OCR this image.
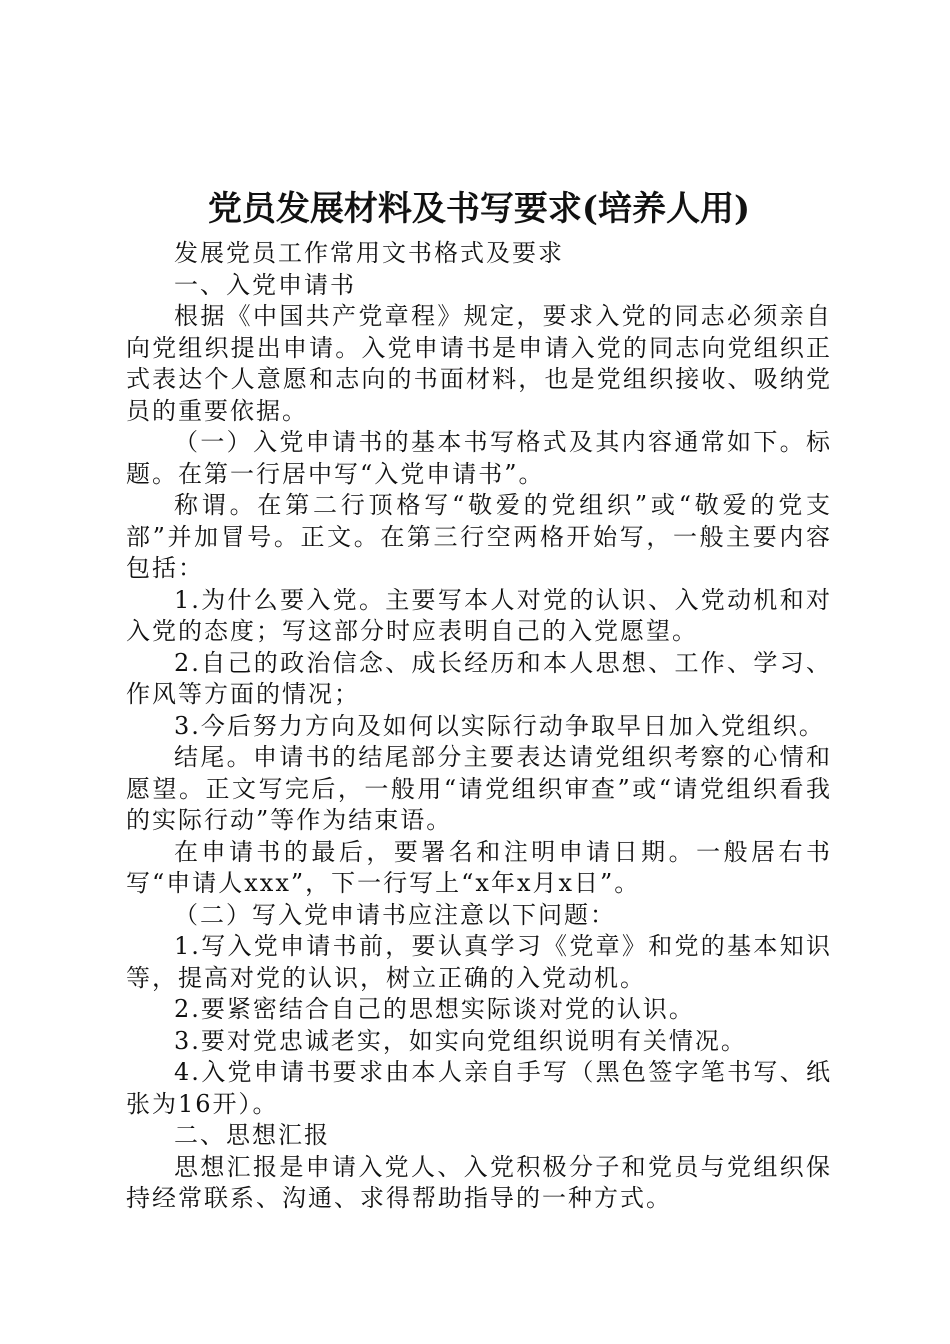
党员发展材料及书写要求(培养人用)

发展党员工作常用文书格式及要求

一、入党申请书

根据《中国共产党章程》规定，要求入党的同志必须亲自向党组织提出申请。入党申请书是申请入党的同志向党组织正式表达个人意愿和志向的书面材料，也是党组织接收、吸纳党员的重要依据。

（一）入党申请书的基本书写格式及其内容通常如下。标题。在第一行居中写“入党申请书”。

称谓。在第二行顶格写“敬爱的党组织”或“敬爱的党支部”并加冒号。正文。在第三行空两格开始写，一般主要内容包括：

1.为什么要入党。主要写本人对党的认识、入党动机和对入党的态度；写这部分时应表明自己的入党愿望。

2.自己的政治信念、成长经历和本人思想、工作、学习、作风等方面的情况；

3.今后努力方向及如何以实际行动争取早日加入党组织。

结尾。申请书的结尾部分主要表达请党组织考察的心情和愿望。正文写完后，一般用“请党组织审查”或“请党组织看我的实际行动”等作为结束语。

在申请书的最后，要署名和注明申请日期。一般居右书写“申请人xxx”，下一行写上“x年x月x日”。

（二）写入党申请书应注意以下问题：

1.写入党申请书前，要认真学习《党章》和党的基本知识等，提高对党的认识，树立正确的入党动机。

2.要紧密结合自己的思想实际谈对党的认识。

3.要对党忠诚老实，如实向党组织说明有关情况。

4.入党申请书要求由本人亲自手写（黑色签字笔书写、纸张为16开）。

二、思想汇报

思想汇报是申请入党人、入党积极分子和党员与党组织保持经常联系、沟通、求得帮助指导的一种方式。
